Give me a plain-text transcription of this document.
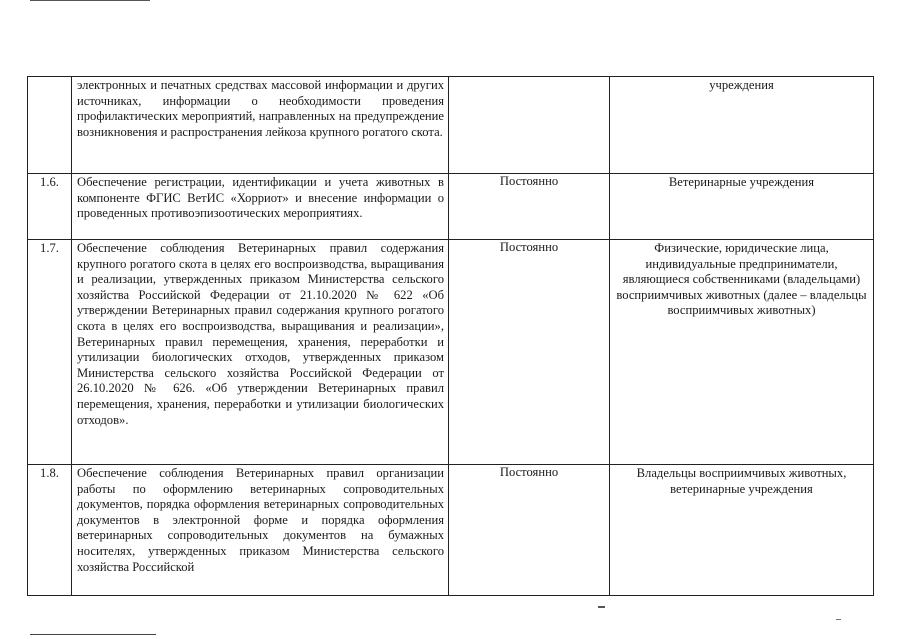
	электронных и печатных средствах массовой информации и других источниках, информации о необходимости проведения профилактических мероприятий, направленных на предупреждение возникновения и распространения лейкоза крупного рогатого скота.		учреждения
1.6.	Обеспечение регистрации, идентификации и учета животных в компоненте ФГИС ВетИС «Хорриот» и внесение информации о проведенных противоэпизоотических мероприятиях.	Постоянно	Ветеринарные учреждения
1.7.	Обеспечение соблюдения Ветеринарных правил содержания крупного рогатого скота в целях его воспроизводства, выращивания и реализации, утвержденных приказом Министерства сельского хозяйства Российской Федерации от 21.10.2020 № 622 «Об утверждении Ветеринарных правил содержания крупного рогатого скота в целях его воспроизводства, выращивания и реализации», Ветеринарных правил перемещения, хранения, переработки и утилизации биологических отходов, утвержденных приказом Министерства сельского хозяйства Российской Федерации от 26.10.2020 № 626. «Об утверждении Ветеринарных правил перемещения, хранения, переработки и утилизации биологических отходов».	Постоянно	Физические, юридические лица, индивидуальные предприниматели, являющиеся собственниками (владельцами) восприимчивых животных (далее – владельцы восприимчивых животных)
1.8.	Обеспечение соблюдения Ветеринарных правил организации работы по оформлению ветеринарных сопроводительных документов, порядка оформления ветеринарных сопроводительных документов в электронной форме и порядка оформления ветеринарных сопроводительных документов на бумажных носителях, утвержденных приказом Министерства сельского хозяйства Российской	Постоянно	Владельцы восприимчивых животных, ветеринарные учреждения
